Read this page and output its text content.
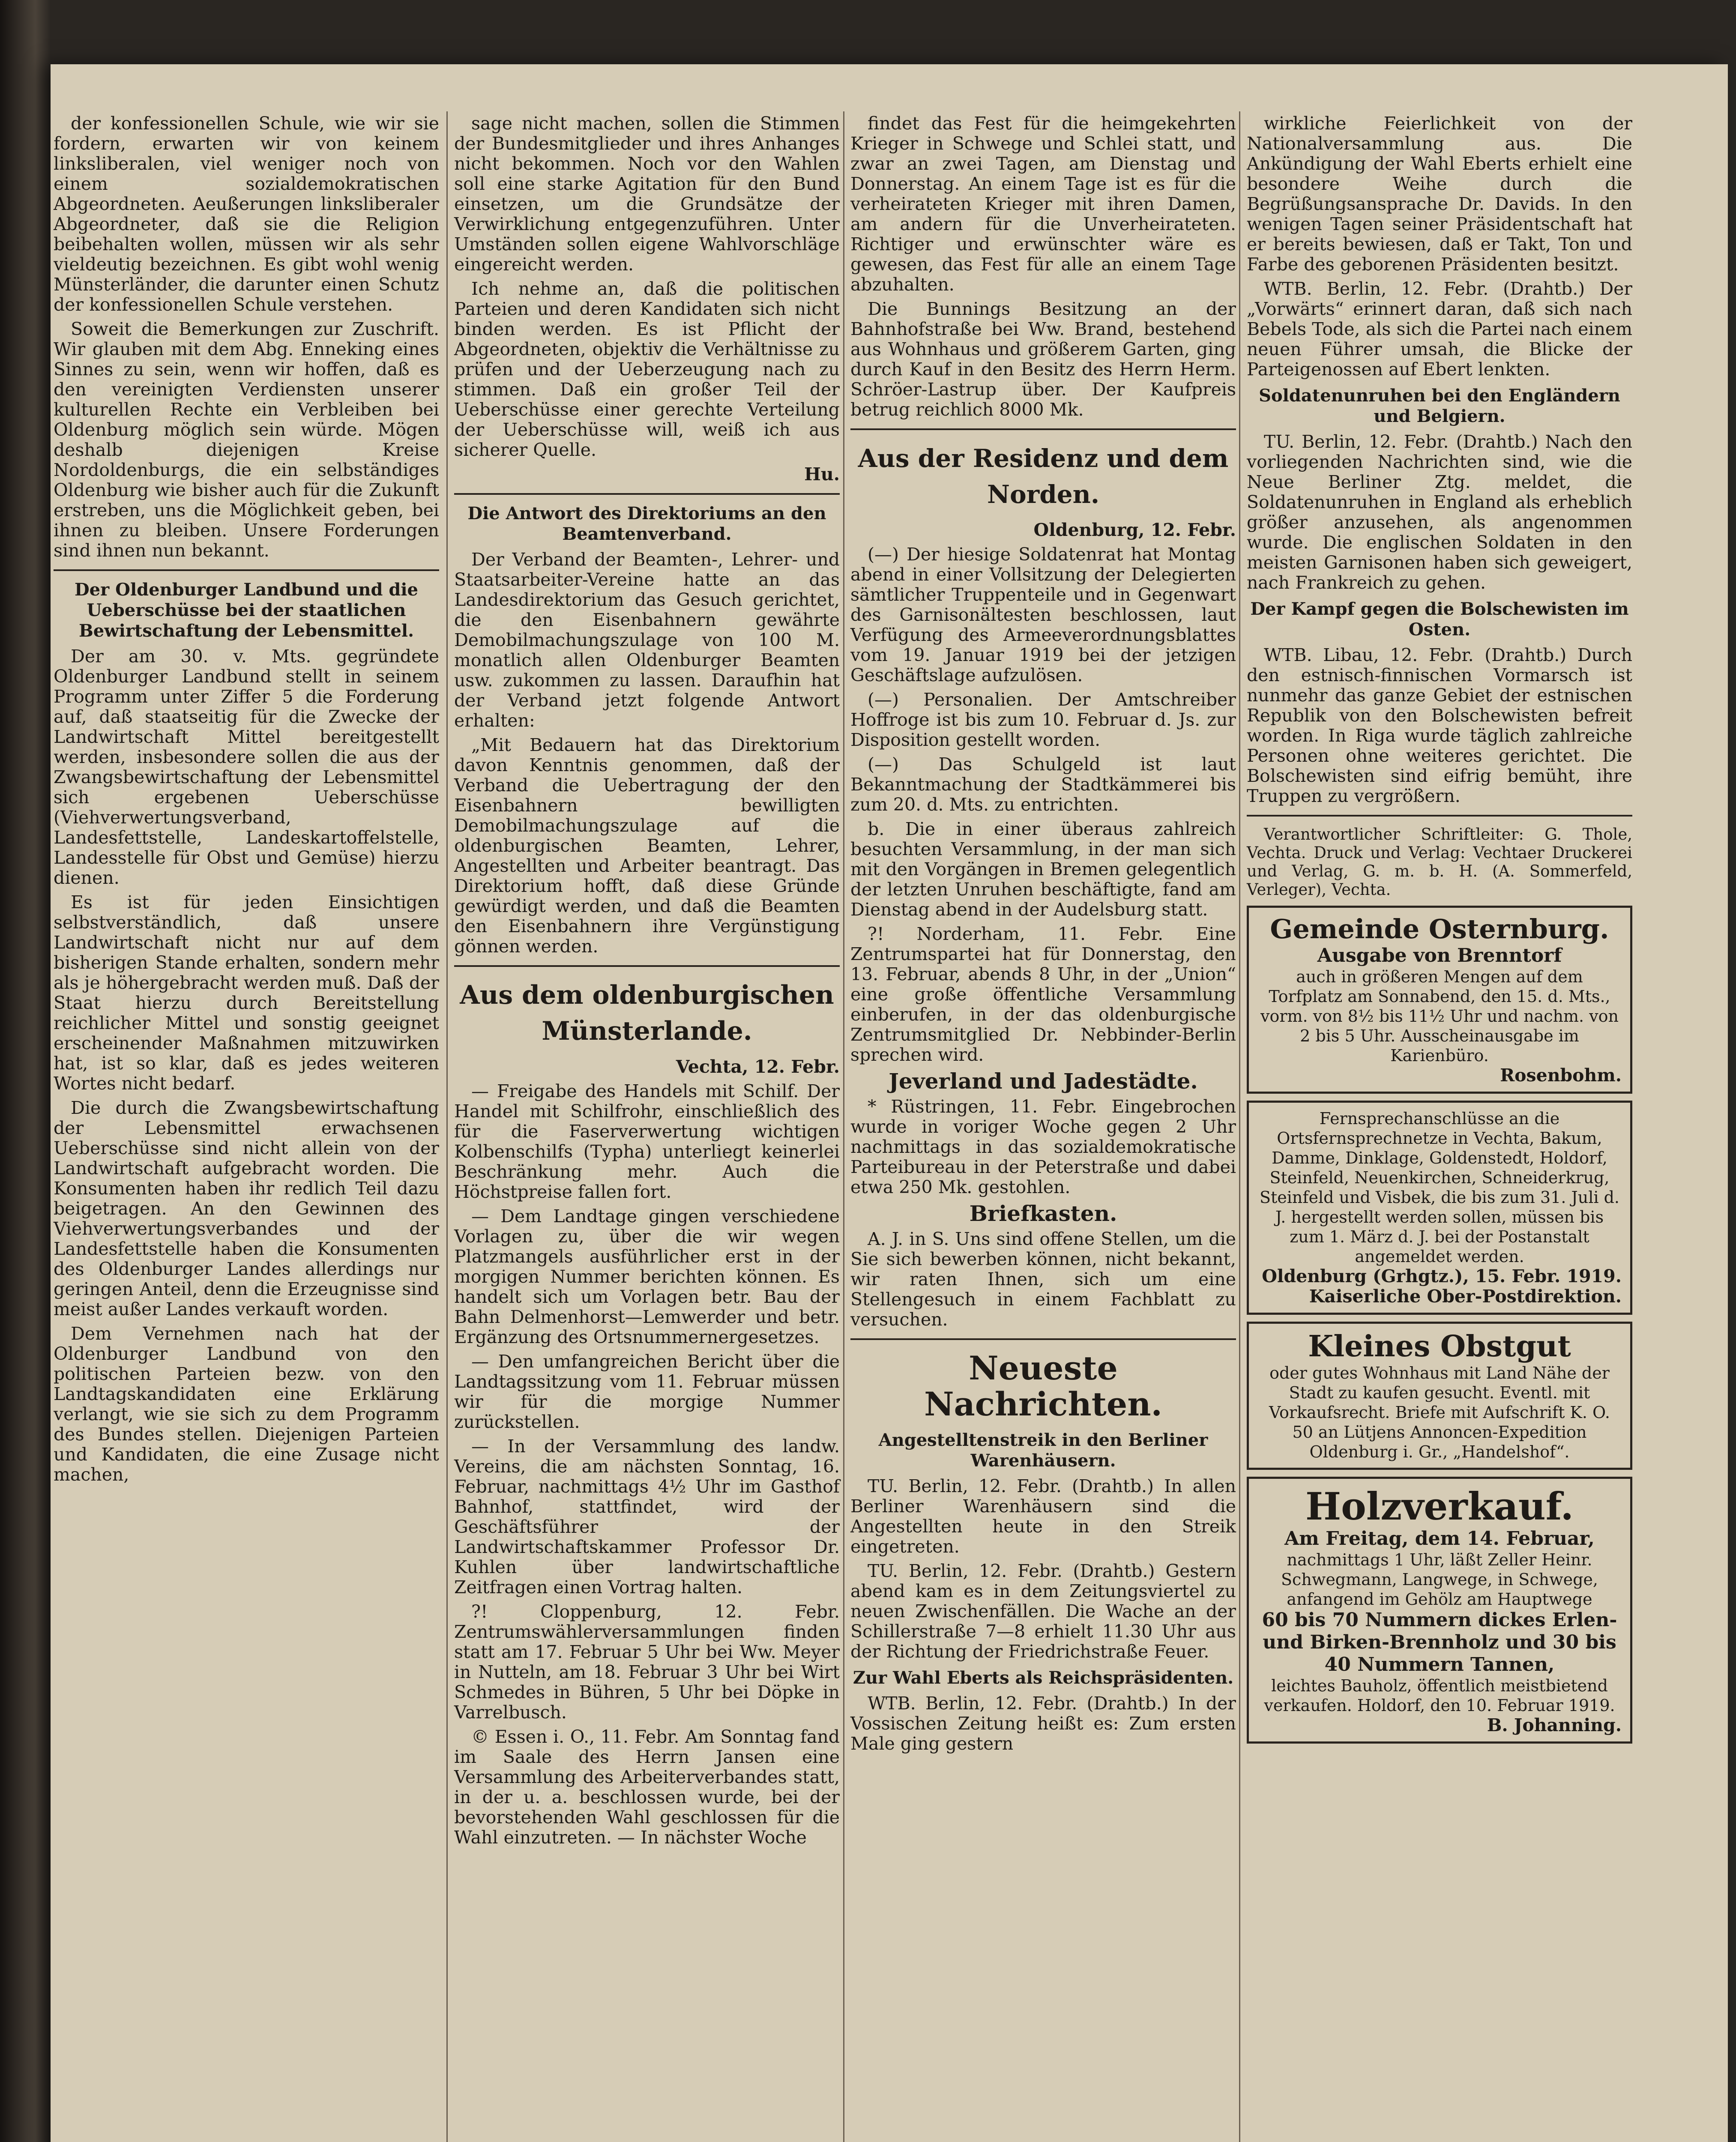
der konfessionellen Schule, wie wir sie fordern, erwarten wir von keinem linksliberalen, viel weniger noch von einem sozialdemokratischen Abgeordneten. Aeußerungen linksliberaler Abgeordneter, daß sie die Religion beibehalten wollen, müssen wir als sehr vieldeutig bezeichnen. Es gibt wohl wenig Münsterländer, die darunter einen Schutz der konfessionellen Schule verstehen.

Soweit die Bemerkungen zur Zuschrift. Wir glauben mit dem Abg. Enneking eines Sinnes zu sein, wenn wir hoffen, daß es den vereinigten Verdiensten unserer kulturellen Rechte ein Verbleiben bei Oldenburg möglich sein würde. Mögen deshalb diejenigen Kreise Nordoldenburgs, die ein selbständiges Oldenburg wie bisher auch für die Zukunft erstreben, uns die Möglichkeit geben, bei ihnen zu bleiben. Unsere Forderungen sind ihnen nun bekannt.

Der Oldenburger Landbund und die Ueberschüsse bei der staatlichen Bewirtschaftung der Lebensmittel.

Der am 30. v. Mts. gegründete Oldenburger Landbund stellt in seinem Programm unter Ziffer 5 die Forderung auf, daß staatseitig für die Zwecke der Landwirtschaft Mittel bereitgestellt werden, insbesondere sollen die aus der Zwangsbewirtschaftung der Lebensmittel sich ergebenen Ueberschüsse (Viehverwertungsverband, Landesfettstelle, Landeskartoffelstelle, Landesstelle für Obst und Gemüse) hierzu dienen.

Es ist für jeden Einsichtigen selbstverständlich, daß unsere Landwirtschaft nicht nur auf dem bisherigen Stande erhalten, sondern mehr als je höhergebracht werden muß. Daß der Staat hierzu durch Bereitstellung reichlicher Mittel und sonstig geeignet erscheinender Maßnahmen mitzuwirken hat, ist so klar, daß es jedes weiteren Wortes nicht bedarf.

Die durch die Zwangsbewirtschaftung der Lebensmittel erwachsenen Ueberschüsse sind nicht allein von der Landwirtschaft aufgebracht worden. Die Konsumenten haben ihr redlich Teil dazu beigetragen. An den Gewinnen des Viehverwertungsverbandes und der Landesfettstelle haben die Konsumenten des Oldenburger Landes allerdings nur geringen Anteil, denn die Erzeugnisse sind meist außer Landes verkauft worden.

Dem Vernehmen nach hat der Oldenburger Landbund von den politischen Parteien bezw. von den Landtagskandidaten eine Erklärung verlangt, wie sie sich zu dem Programm des Bundes stellen. Diejenigen Parteien und Kandidaten, die eine Zusage nicht machen,

sage nicht machen, sollen die Stimmen der Bundesmitglieder und ihres Anhanges nicht bekommen. Noch vor den Wahlen soll eine starke Agitation für den Bund einsetzen, um die Grundsätze der Verwirklichung entgegenzuführen. Unter Umständen sollen eigene Wahlvorschläge eingereicht werden.

Ich nehme an, daß die politischen Parteien und deren Kandidaten sich nicht binden werden. Es ist Pflicht der Abgeordneten, objektiv die Verhältnisse zu prüfen und der Ueberzeugung nach zu stimmen. Daß ein großer Teil der Ueberschüsse einer gerechte Verteilung der Ueberschüsse will, weiß ich aus sicherer Quelle.

Hu.
Die Antwort des Direktoriums an den Beamtenverband.

Der Verband der Beamten-, Lehrer- und Staatsarbeiter-Vereine hatte an das Landesdirektorium das Gesuch gerichtet, die den Eisenbahnern gewährte Demobilmachungszulage von 100 M. monatlich allen Oldenburger Beamten usw. zukommen zu lassen. Daraufhin hat der Verband jetzt folgende Antwort erhalten:

„Mit Bedauern hat das Direktorium davon Kenntnis genommen, daß der Verband die Uebertragung der den Eisenbahnern bewilligten Demobilmachungszulage auf die oldenburgischen Beamten, Lehrer, Angestellten und Arbeiter beantragt. Das Direktorium hofft, daß diese Gründe gewürdigt werden, und daß die Beamten den Eisenbahnern ihre Vergünstigung gönnen werden.

Aus dem oldenburgischen Münsterlande.
Vechta, 12. Febr.

— Freigabe des Handels mit Schilf. Der Handel mit Schilfrohr, einschließlich des für die Faserverwertung wichtigen Kolbenschilfs (Typha) unterliegt keinerlei Beschränkung mehr. Auch die Höchstpreise fallen fort.

— Dem Landtage gingen verschiedene Vorlagen zu, über die wir wegen Platzmangels ausführlicher erst in der morgigen Nummer berichten können. Es handelt sich um Vorlagen betr. Bau der Bahn Delmenhorst—Lemwerder und betr. Ergänzung des Ortsnummernergesetzes.

— Den umfangreichen Bericht über die Landtagssitzung vom 11. Februar müssen wir für die morgige Nummer zurückstellen.

— In der Versammlung des landw. Vereins, die am nächsten Sonntag, 16. Februar, nachmittags 4½ Uhr im Gasthof Bahnhof, stattfindet, wird der Geschäftsführer der Landwirtschaftskammer Professor Dr. Kuhlen über landwirtschaftliche Zeitfragen einen Vortrag halten.

?! Cloppenburg, 12. Febr. Zentrumswählerversammlungen finden statt am 17. Februar 5 Uhr bei Ww. Meyer in Nutteln, am 18. Februar 3 Uhr bei Wirt Schmedes in Bühren, 5 Uhr bei Döpke in Varrelbusch.

© Essen i. O., 11. Febr. Am Sonntag fand im Saale des Herrn Jansen eine Versammlung des Arbeiterverbandes statt, in der u. a. beschlossen wurde, bei der bevorstehenden Wahl geschlossen für die Wahl einzutreten. — In nächster Woche

findet das Fest für die heimgekehrten Krieger in Schwege und Schlei statt, und zwar an zwei Tagen, am Dienstag und Donnerstag. An einem Tage ist es für die verheirateten Krieger mit ihren Damen, am andern für die Unverheirateten. Richtiger und erwünschter wäre es gewesen, das Fest für alle an einem Tage abzuhalten.

Die Bunnings Besitzung an der Bahnhofstraße bei Ww. Brand, bestehend aus Wohnhaus und größerem Garten, ging durch Kauf in den Besitz des Herrn Herm. Schröer-Lastrup über. Der Kaufpreis betrug reichlich 8000 Mk.

Aus der Residenz und dem Norden.
Oldenburg, 12. Febr.

(—) Der hiesige Soldatenrat hat Montag abend in einer Vollsitzung der Delegierten sämtlicher Truppenteile und in Gegenwart des Garnisonältesten beschlossen, laut Verfügung des Armeeverordnungsblattes vom 19. Januar 1919 bei der jetzigen Geschäftslage aufzulösen.

(—) Personalien. Der Amtschreiber Hoffroge ist bis zum 10. Februar d. Js. zur Disposition gestellt worden.

(—) Das Schulgeld ist laut Bekanntmachung der Stadtkämmerei bis zum 20. d. Mts. zu entrichten.

b. Die in einer überaus zahlreich besuchten Versammlung, in der man sich mit den Vorgängen in Bremen gelegentlich der letzten Unruhen beschäftigte, fand am Dienstag abend in der Audelsburg statt.

?! Norderham, 11. Febr. Eine Zentrumspartei hat für Donnerstag, den 13. Februar, abends 8 Uhr, in der „Union“ eine große öffentliche Versammlung einberufen, in der das oldenburgische Zentrumsmitglied Dr. Nebbinder-Berlin sprechen wird.

Jeverland und Jadestädte.

* Rüstringen, 11. Febr. Eingebrochen wurde in voriger Woche gegen 2 Uhr nachmittags in das sozialdemokratische Parteibureau in der Peterstraße und dabei etwa 250 Mk. gestohlen.

Briefkasten.

A. J. in S. Uns sind offene Stellen, um die Sie sich bewerben können, nicht bekannt, wir raten Ihnen, sich um eine Stellengesuch in einem Fachblatt zu versuchen.

Neueste Nachrichten.
Angestelltenstreik in den Berliner Warenhäusern.

TU. Berlin, 12. Febr. (Drahtb.) In allen Berliner Warenhäusern sind die Angestellten heute in den Streik eingetreten.

TU. Berlin, 12. Febr. (Drahtb.) Gestern abend kam es in dem Zeitungsviertel zu neuen Zwischenfällen. Die Wache an der Schillerstraße 7—8 erhielt 11.30 Uhr aus der Richtung der Friedrichstraße Feuer.

Zur Wahl Eberts als Reichspräsidenten.

WTB. Berlin, 12. Febr. (Drahtb.) In der Vossischen Zeitung heißt es: Zum ersten Male ging gestern

wirkliche Feierlichkeit von der Nationalversammlung aus. Die Ankündigung der Wahl Eberts erhielt eine besondere Weihe durch die Begrüßungsansprache Dr. Davids. In den wenigen Tagen seiner Präsidentschaft hat er bereits bewiesen, daß er Takt, Ton und Farbe des geborenen Präsidenten besitzt.

WTB. Berlin, 12. Febr. (Drahtb.) Der „Vorwärts“ erinnert daran, daß sich nach Bebels Tode, als sich die Partei nach einem neuen Führer umsah, die Blicke der Parteigenossen auf Ebert lenkten.

Soldatenunruhen bei den Engländern und Belgiern.

TU. Berlin, 12. Febr. (Drahtb.) Nach den vorliegenden Nachrichten sind, wie die Neue Berliner Ztg. meldet, die Soldatenunruhen in England als erheblich größer anzusehen, als angenommen wurde. Die englischen Soldaten in den meisten Garnisonen haben sich geweigert, nach Frankreich zu gehen.

Der Kampf gegen die Bolschewisten im Osten.

WTB. Libau, 12. Febr. (Drahtb.) Durch den estnisch-finnischen Vormarsch ist nunmehr das ganze Gebiet der estnischen Republik von den Bolschewisten befreit worden. In Riga wurde täglich zahlreiche Personen ohne weiteres gerichtet. Die Bolschewisten sind eifrig bemüht, ihre Truppen zu vergrößern.

Verantwortlicher Schriftleiter: G. Thole, Vechta. Druck und Verlag: Vechtaer Druckerei und Verlag, G. m. b. H. (A. Sommerfeld, Verleger), Vechta.

Gemeinde Osternburg.
Ausgabe von Brenntorf
auch in größeren Mengen auf dem Torfplatz am Sonnabend, den 15. d. Mts., vorm. von 8½ bis 11½ Uhr und nachm. von 2 bis 5 Uhr. Ausscheinausgabe im Karienbüro.
Rosenbohm.
Fernsprechanschlüsse an die Ortsfernsprechnetze in Vechta, Bakum, Damme, Dinklage, Goldenstedt, Holdorf, Steinfeld, Neuenkirchen, Schneiderkrug, Steinfeld und Visbek, die bis zum 31. Juli d. J. hergestellt werden sollen, müssen bis zum 1. März d. J. bei der Postanstalt angemeldet werden.
Oldenburg (Grhgtz.), 15. Febr. 1919. Kaiserliche Ober-Postdirektion.
Kleines Obstgut
oder gutes Wohnhaus mit Land Nähe der Stadt zu kaufen gesucht. Eventl. mit Vorkaufsrecht. Briefe mit Aufschrift K. O. 50 an Lütjens Annoncen-Expedition Oldenburg i. Gr., „Handelshof“.
Holzverkauf.
Am Freitag, dem 14. Februar,
nachmittags 1 Uhr, läßt Zeller Heinr. Schwegmann, Langwege, in Schwege, anfangend im Gehölz am Hauptwege
60 bis 70 Nummern dickes Erlen- und Birken-Brennholz und 30 bis 40 Nummern Tannen,
leichtes Bauholz, öffentlich meistbietend verkaufen. Holdorf, den 10. Februar 1919.
B. Johanning.
